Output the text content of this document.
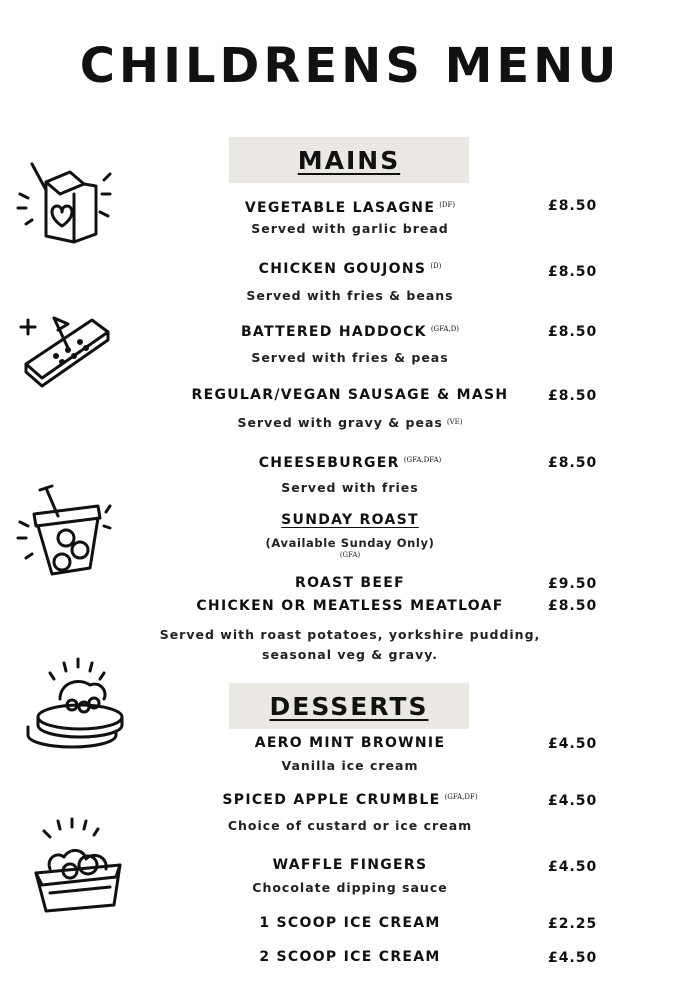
CHILDRENS MENU
MAINS
VEGETABLE LASAGNE $^{(DF)}$
Served with garlic bread
£8.50
CHICKEN GOUJONS $^{(D)}$
Served with fries & beans
£8.50
BATTERED HADDOCK $^{(GFA,D)}$
Served with fries & peas
£8.50
REGULAR/VEGAN SAUSAGE & MASH
Served with gravy & peas $^{(VE)}$
£8.50
CHEESEBURGER $^{(GFA,DFA)}$
Served with fries
£8.50
SUNDAY ROAST
(Available Sunday Only)
(GFA)
ROAST BEEF	£9.50
CHICKEN OR MEATLESS MEATLOAF	£8.50
Served with roast potatoes, yorkshire pudding,
seasonal veg & gravy.
DESSERTS
AERO MINT BROWNIE
Vanilla ice cream
£4.50
SPICED APPLE CRUMBLE $^{(GFA,DF)}$
Choice of custard or ice cream
£4.50
WAFFLE FINGERS
Chocolate dipping sauce
£4.50
1 SCOOP ICE CREAM	£2.25
2 SCOOP ICE CREAM	£4.50
